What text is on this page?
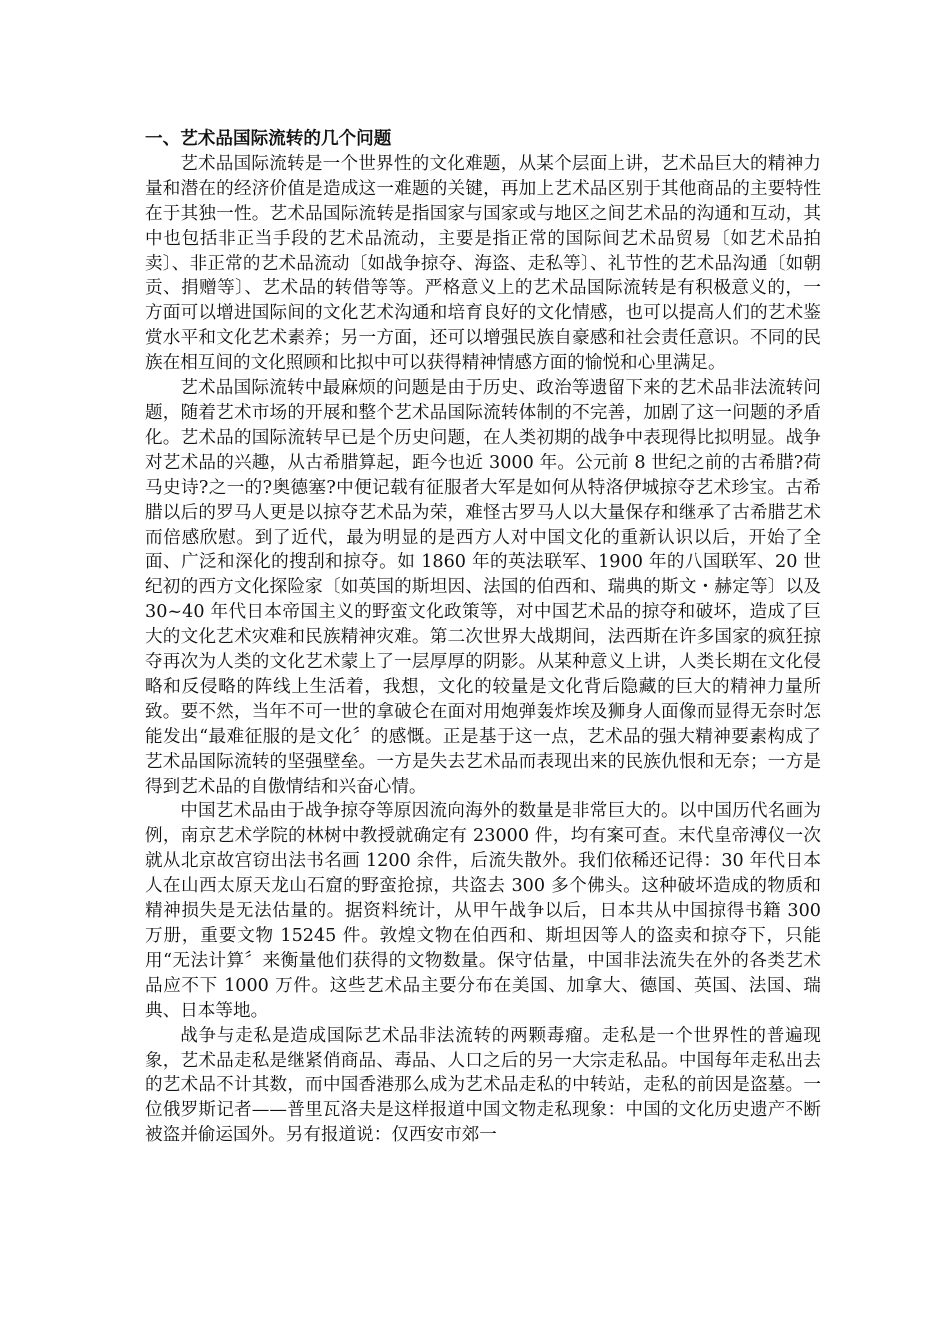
一、艺术品国际流转的几个问题

艺术品国际流转是一个世界性的文化难题，从某个层面上讲，艺术品巨大的精神力量和潜在的经济价值是造成这一难题的关键，再加上艺术品区别于其他商品的主要特性在于其独一性。艺术品国际流转是指国家与国家或与地区之间艺术品的沟通和互动，其中也包括非正当手段的艺术品流动，主要是指正常的国际间艺术品贸易〔如艺术品拍卖〕、非正常的艺术品流动〔如战争掠夺、海盗、走私等〕、礼节性的艺术品沟通〔如朝贡、捐赠等〕、艺术品的转借等等。严格意义上的艺术品国际流转是有积极意义的，一方面可以增进国际间的文化艺术沟通和培育良好的文化情感，也可以提高人们的艺术鉴赏水平和文化艺术素养；另一方面，还可以增强民族自豪感和社会责任意识。不同的民族在相互间的文化照顾和比拟中可以获得精神情感方面的愉悦和心里满足。

艺术品国际流转中最麻烦的问题是由于历史、政治等遗留下来的艺术品非法流转问题，随着艺术市场的开展和整个艺术品国际流转体制的不完善，加剧了这一问题的矛盾化。艺术品的国际流转早已是个历史问题，在人类初期的战争中表现得比拟明显。战争对艺术品的兴趣，从古希腊算起，距今也近 3000 年。公元前 8 世纪之前的古希腊?荷马史诗?之一的?奥德塞?中便记载有征服者大军是如何从特洛伊城掠夺艺术珍宝。古希腊以后的罗马人更是以掠夺艺术品为荣，难怪古罗马人以大量保存和继承了古希腊艺术而倍感欣慰。到了近代，最为明显的是西方人对中国文化的重新认识以后，开始了全面、广泛和深化的搜刮和掠夺。如 1860 年的英法联军、1900 年的八国联军、20 世纪初的西方文化探险家〔如英国的斯坦因、法国的伯西和、瑞典的斯文・赫定等〕以及 30~40 年代日本帝国主义的野蛮文化政策等，对中国艺术品的掠夺和破坏，造成了巨大的文化艺术灾难和民族精神灾难。第二次世界大战期间，法西斯在许多国家的疯狂掠夺再次为人类的文化艺术蒙上了一层厚厚的阴影。从某种意义上讲，人类长期在文化侵略和反侵略的阵线上生活着，我想，文化的较量是文化背后隐藏的巨大的精神力量所致。要不然，当年不可一世的拿破仑在面对用炮弹轰炸埃及狮身人面像而显得无奈时怎能发出“最难征服的是文化〞的感慨。正是基于这一点，艺术品的强大精神要素构成了艺术品国际流转的坚强壁垒。一方是失去艺术品而表现出来的民族仇恨和无奈；一方是得到艺术品的自傲情结和兴奋心情。

中国艺术品由于战争掠夺等原因流向海外的数量是非常巨大的。以中国历代名画为例，南京艺术学院的林树中教授就确定有 23000 件，均有案可查。末代皇帝溥仪一次就从北京故宫窃出法书名画 1200 余件，后流失散外。我们依稀还记得：30 年代日本人在山西太原天龙山石窟的野蛮抢掠，共盗去 300 多个佛头。这种破坏造成的物质和精神损失是无法估量的。据资料统计，从甲午战争以后，日本共从中国掠得书籍 300 万册，重要文物 15245 件。敦煌文物在伯西和、斯坦因等人的盗卖和掠夺下，只能用“无法计算〞来衡量他们获得的文物数量。保守估量，中国非法流失在外的各类艺术品应不下 1000 万件。这些艺术品主要分布在美国、加拿大、德国、英国、法国、瑞典、日本等地。

战争与走私是造成国际艺术品非法流转的两颗毒瘤。走私是一个世界性的普遍现象，艺术品走私是继紧俏商品、毒品、人口之后的另一大宗走私品。中国每年走私出去的艺术品不计其数，而中国香港那么成为艺术品走私的中转站，走私的前因是盗墓。一位俄罗斯记者——普里瓦洛夫是这样报道中国文物走私现象：中国的文化历史遗产不断被盗并偷运国外。另有报道说：仅西安市郊一
